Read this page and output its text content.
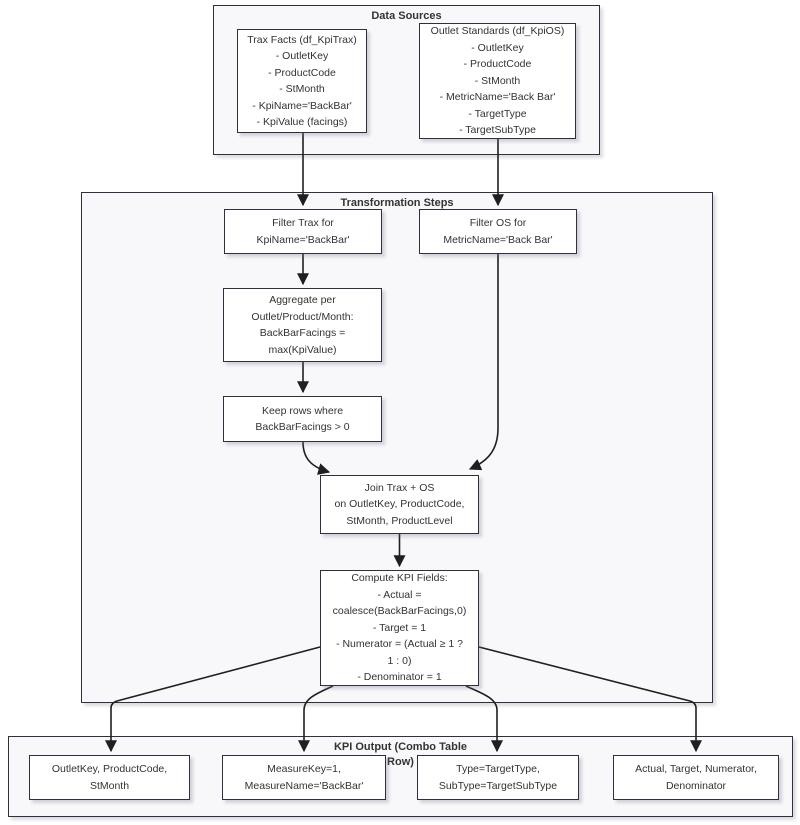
Data Sources
Transformation Steps
KPI Output (Combo Table
Row)
Trax Facts (df_KpiTrax)
- OutletKey
- ProductCode
- StMonth
- KpiName='BackBar'
- KpiValue (facings)
Outlet Standards (df_KpiOS)
- OutletKey
- ProductCode
- StMonth
- MetricName='Back Bar'
- TargetType
- TargetSubType
Filter Trax for
KpiName='BackBar'
Filter OS for
MetricName='Back Bar'
Aggregate per
Outlet/Product/Month:
BackBarFacings =
max(KpiValue)
Keep rows where
BackBarFacings > 0
Join Trax + OS
on OutletKey, ProductCode,
StMonth, ProductLevel
Compute KPI Fields:
- Actual =
coalesce(BackBarFacings,0)
- Target = 1
- Numerator = (Actual ≥ 1 ?
1 : 0)
- Denominator = 1
OutletKey, ProductCode,
StMonth
MeasureKey=1,
MeasureName='BackBar'
Type=TargetType,
SubType=TargetSubType
Actual, Target, Numerator,
Denominator
